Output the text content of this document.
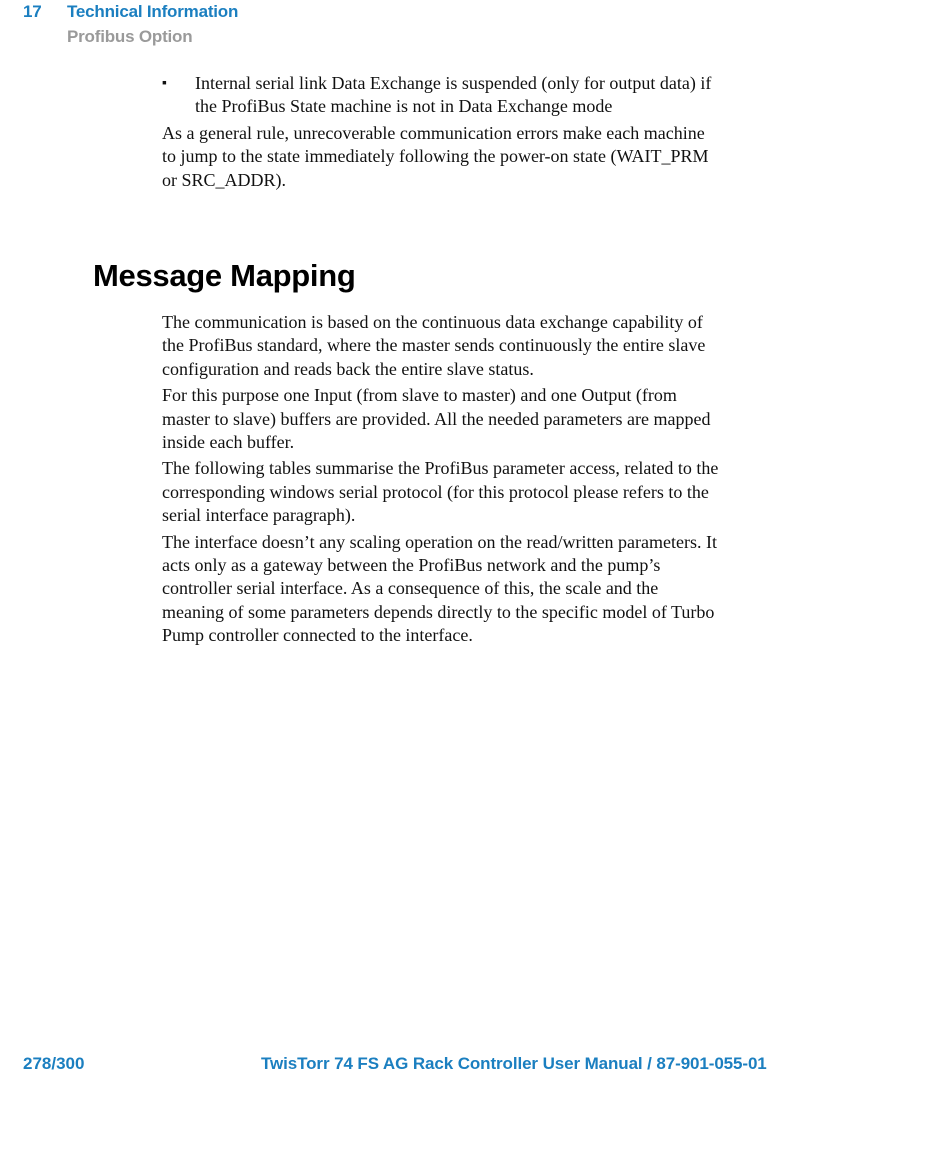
17 Technical Information
Profibus Option
▪ Internal serial link Data Exchange is suspended (only for output data) if the ProfiBus State machine is not in Data Exchange mode

As a general rule, unrecoverable communication errors make each machine to jump to the state immediately following the power-on state (WAIT_PRM or SRC_ADDR).

Message Mapping

The communication is based on the continuous data exchange capability of the ProfiBus standard, where the master sends continuously the entire slave configuration and reads back the entire slave status.

For this purpose one Input (from slave to master) and one Output (from master to slave) buffers are provided. All the needed parameters are mapped inside each buffer.

The following tables summarise the ProfiBus parameter access, related to the corresponding windows serial protocol (for this protocol please refers to the serial interface paragraph).

The interface doesn’t any scaling operation on the read/written parameters. It acts only as a gateway between the ProfiBus network and the pump’s controller serial interface. As a consequence of this, the scale and the meaning of some parameters depends directly to the specific model of Turbo Pump controller connected to the interface.

278/300	TwisTorr 74 FS AG Rack Controller User Manual / 87-901-055-01
